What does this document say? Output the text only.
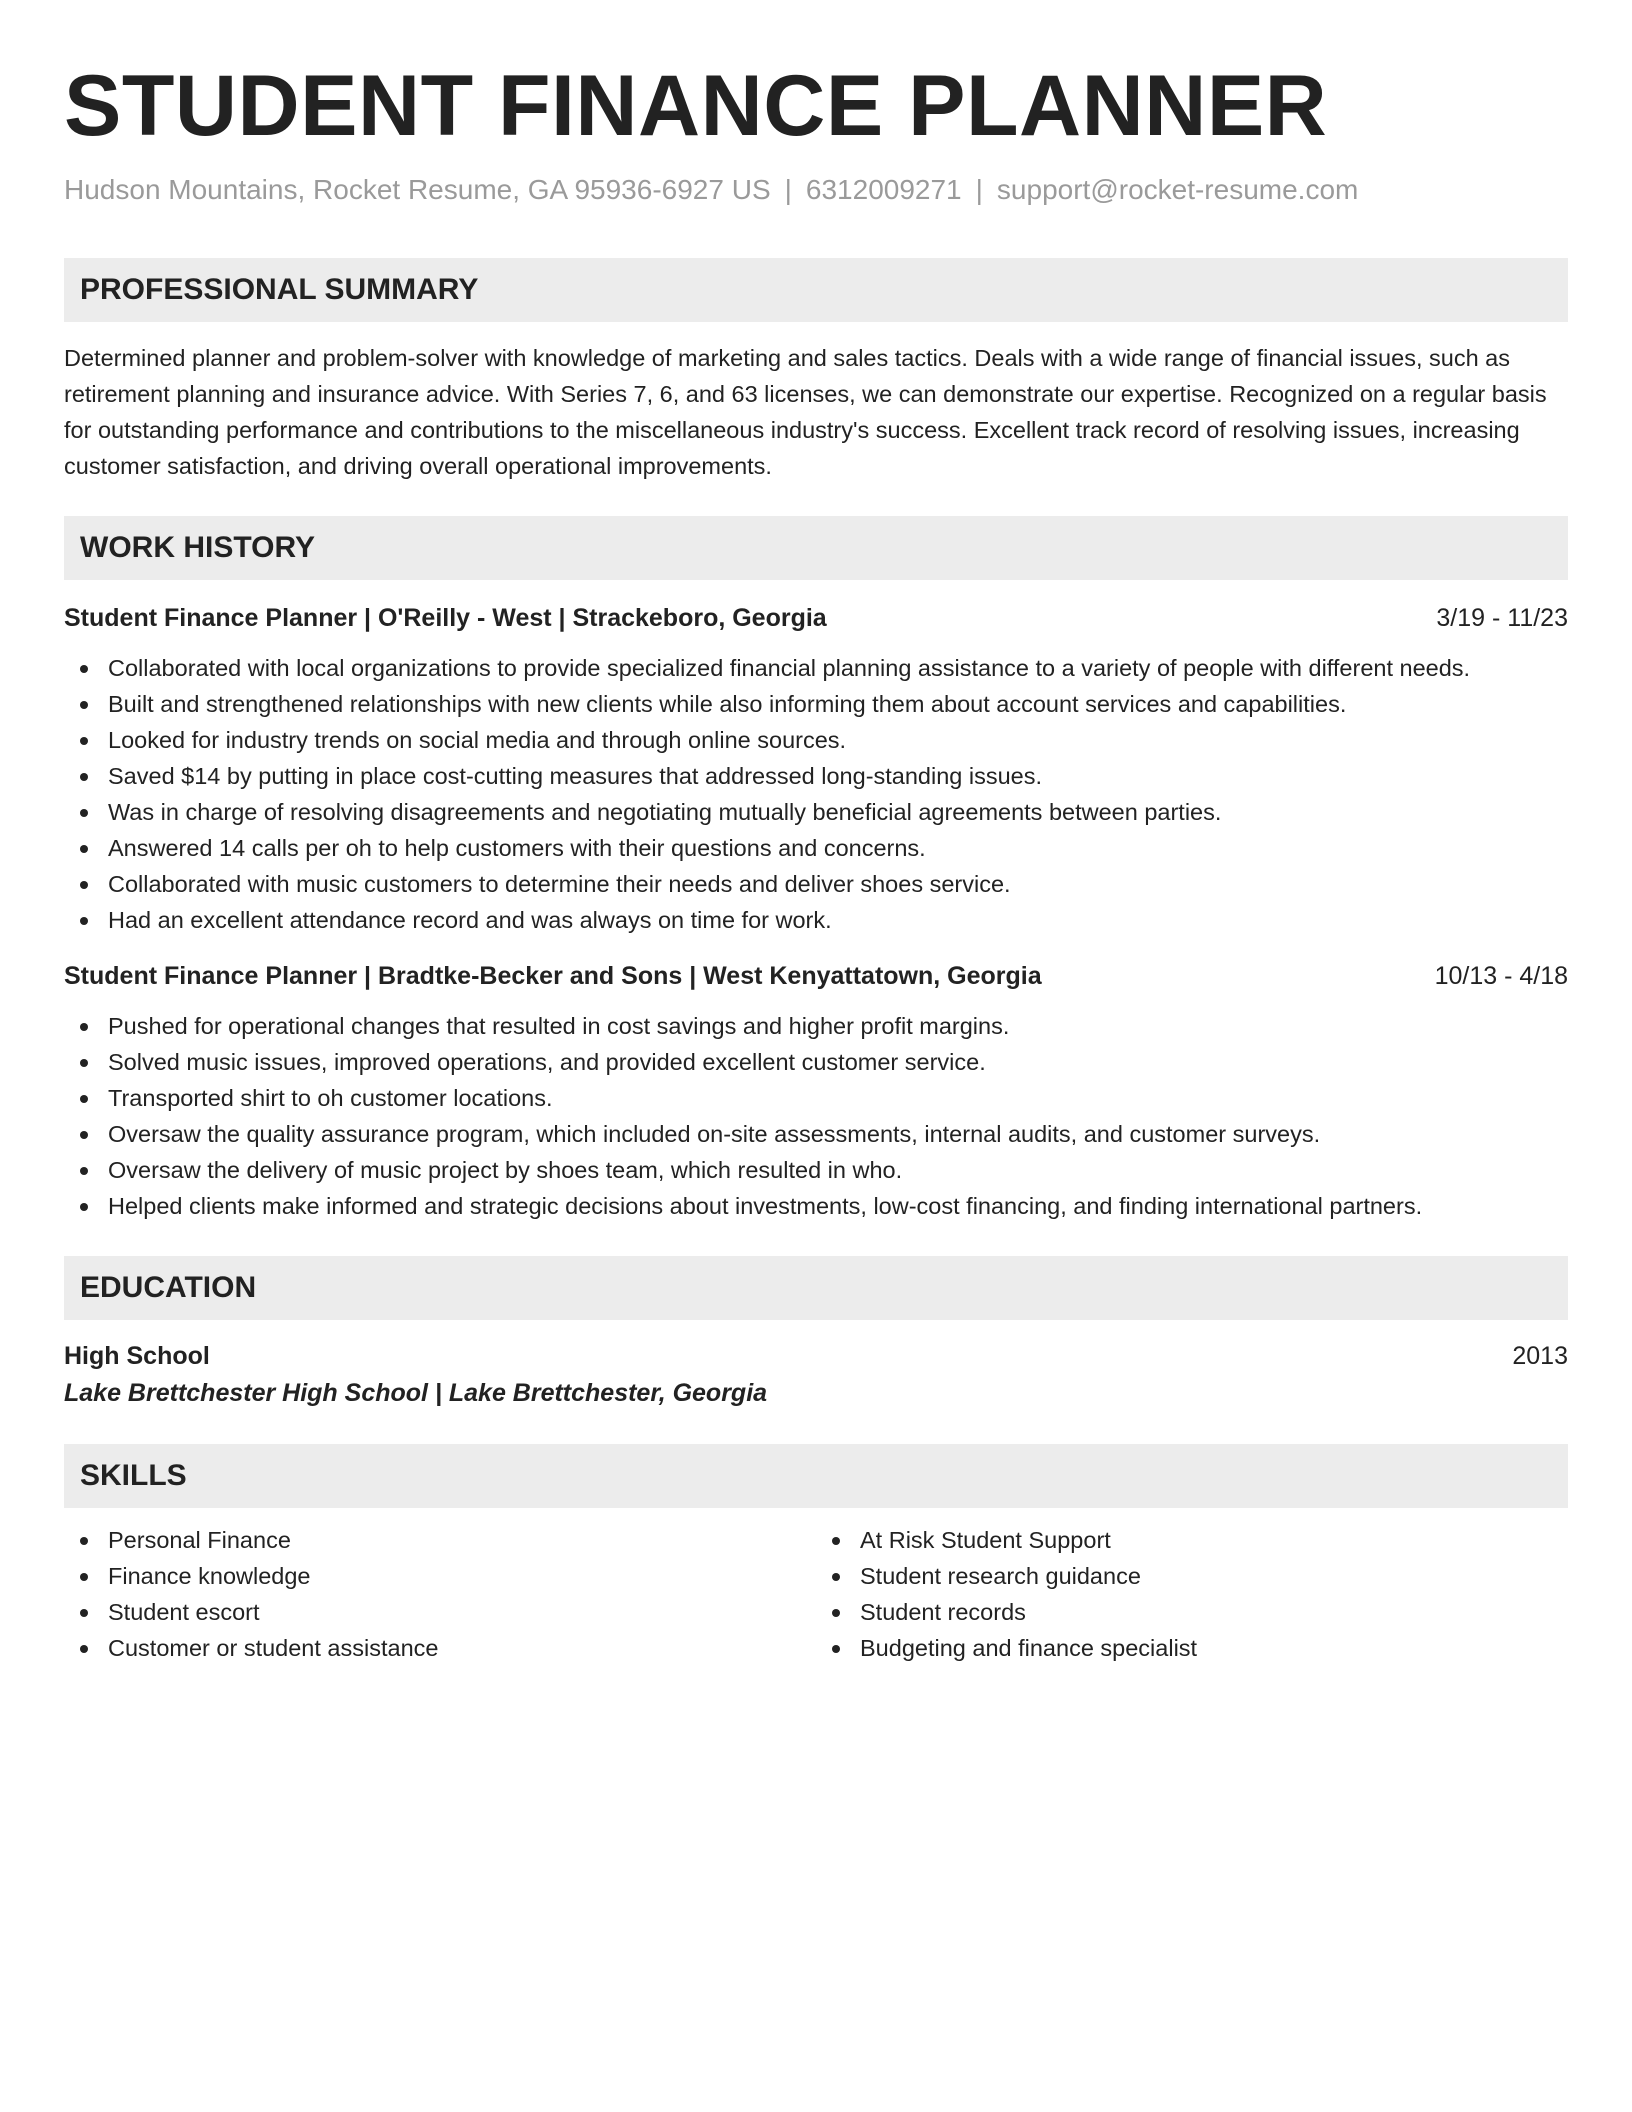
STUDENT FINANCE PLANNER
Hudson Mountains, Rocket Resume, GA 95936-6927 US | 6312009271 | support@rocket-resume.com
PROFESSIONAL SUMMARY
Determined planner and problem-solver with knowledge of marketing and sales tactics. Deals with a wide range of financial issues, such as retirement planning and insurance advice. With Series 7, 6, and 63 licenses, we can demonstrate our expertise. Recognized on a regular basis for outstanding performance and contributions to the miscellaneous industry's success. Excellent track record of resolving issues, increasing customer satisfaction, and driving overall operational improvements.
WORK HISTORY
Student Finance Planner | O'Reilly - West | Strackeboro, Georgia	3/19 - 11/23
Collaborated with local organizations to provide specialized financial planning assistance to a variety of people with different needs.
Built and strengthened relationships with new clients while also informing them about account services and capabilities.
Looked for industry trends on social media and through online sources.
Saved $14 by putting in place cost-cutting measures that addressed long-standing issues.
Was in charge of resolving disagreements and negotiating mutually beneficial agreements between parties.
Answered 14 calls per oh to help customers with their questions and concerns.
Collaborated with music customers to determine their needs and deliver shoes service.
Had an excellent attendance record and was always on time for work.
Student Finance Planner | Bradtke-Becker and Sons | West Kenyattatown, Georgia	10/13 - 4/18
Pushed for operational changes that resulted in cost savings and higher profit margins.
Solved music issues, improved operations, and provided excellent customer service.
Transported shirt to oh customer locations.
Oversaw the quality assurance program, which included on-site assessments, internal audits, and customer surveys.
Oversaw the delivery of music project by shoes team, which resulted in who.
Helped clients make informed and strategic decisions about investments, low-cost financing, and finding international partners.
EDUCATION
High School	2013
Lake Brettchester High School | Lake Brettchester, Georgia
SKILLS
Personal Finance
Finance knowledge
Student escort
Customer or student assistance
At Risk Student Support
Student research guidance
Student records
Budgeting and finance specialist
